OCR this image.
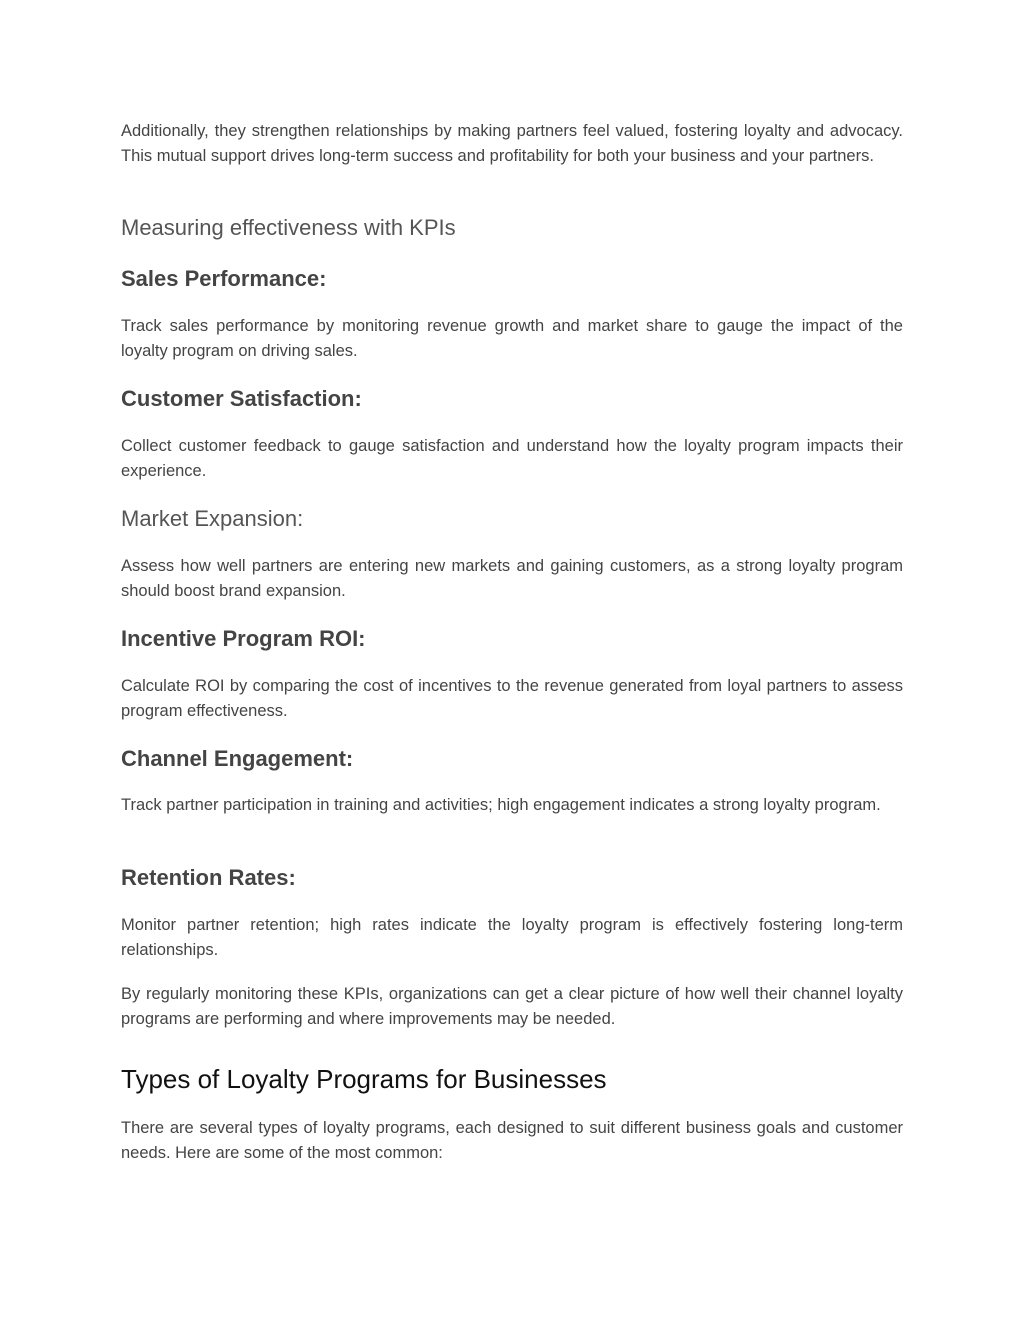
Additionally, they strengthen relationships by making partners feel valued, fostering loyalty and advocacy. This mutual support drives long-term success and profitability for both your business and your partners.

Measuring effectiveness with KPIs
Sales Performance:

Track sales performance by monitoring revenue growth and market share to gauge the impact of the loyalty program on driving sales.

Customer Satisfaction:

Collect customer feedback to gauge satisfaction and understand how the loyalty program impacts their experience.

Market Expansion:

Assess how well partners are entering new markets and gaining customers, as a strong loyalty program should boost brand expansion.

Incentive Program ROI:

Calculate ROI by comparing the cost of incentives to the revenue generated from loyal partners to assess program effectiveness.

Channel Engagement:

Track partner participation in training and activities; high engagement indicates a strong loyalty program.

Retention Rates:

Monitor partner retention; high rates indicate the loyalty program is effectively fostering long-term relationships.

By regularly monitoring these KPIs, organizations can get a clear picture of how well their channel loyalty programs are performing and where improvements may be needed.

Types of Loyalty Programs for Businesses

There are several types of loyalty programs, each designed to suit different business goals and customer needs. Here are some of the most common:
